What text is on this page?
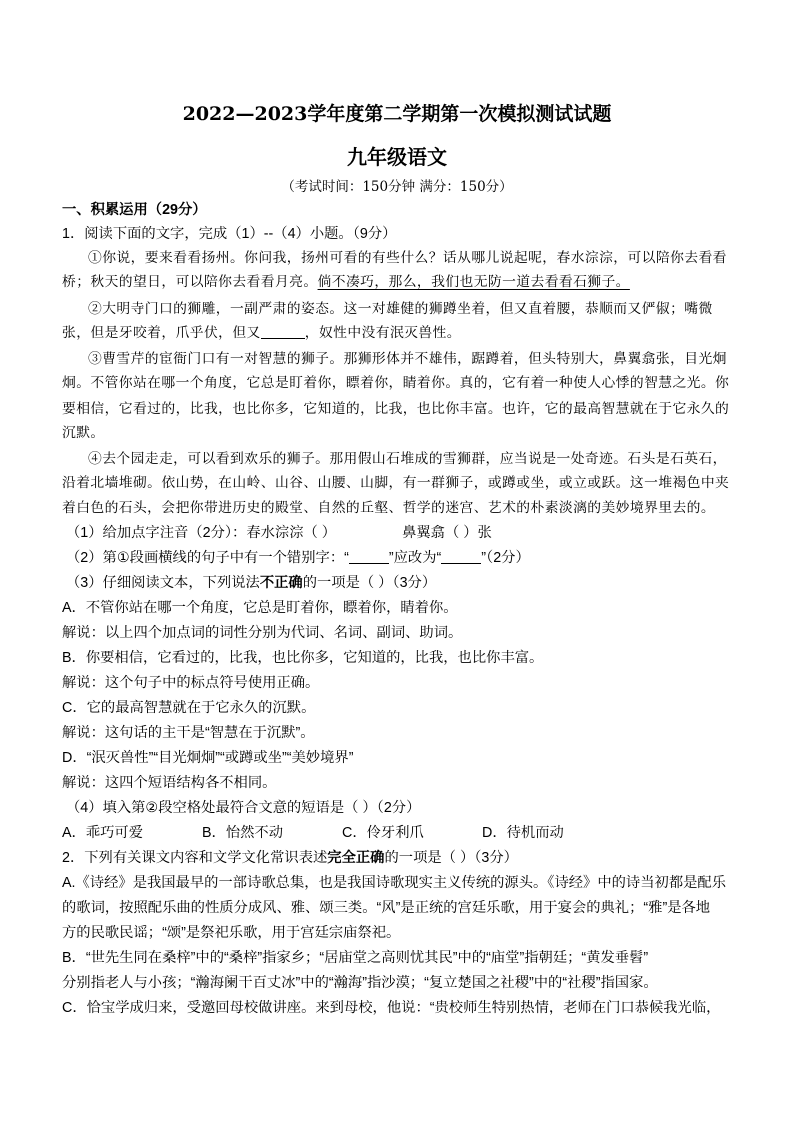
2022—2023学年度第二学期第一次模拟测试试题
九年级语文
（考试时间：150分钟 满分：150分）
一、积累运用（29分）
1．阅读下面的文字，完成（1）--（4）小题。（9分）
①你说，要来看看扬州。你问我，扬州可看的有些什么？话从哪儿说起呢，春水淙淙，可以陪你去看看
桥；秋天的望日，可以陪你去看看月亮。倘不凑巧，那么，我们也无防一道去看看石狮子。
②大明寺门口的狮雕，一副严肃的姿态。这一对雄健的狮蹲坐着，但又直着腰，恭顺而又俨俶；嘴微
张，但是牙咬着，爪乎伏，但又	，奴性中没有泯灭兽性。
③曹雪芹的宦衙门口有一对智慧的狮子。那狮形体并不雄伟，踞蹲着，但头特别大，鼻翼翕张，目光炯
炯。不管你站在哪一个角度，它总是盯着你，瞟着你，睛着你。真的，它有着一种使人心悸的智慧之光。你
要相信，它看过的，比我，也比你多，它知道的，比我，也比你丰富。也许，它的最高智慧就在于它永久的
沉默。
④去个园走走，可以看到欢乐的狮子。那用假山石堆成的雪狮群，应当说是一处奇迹。石头是石英石，
沿着北墙堆砌。依山势，在山岭、山谷、山腰、山脚，有一群狮子，或蹲或坐，或立或跃。这一堆褐色中夹
着白色的石头，会把你带进历史的殿堂、自然的丘壑、哲学的迷宫、艺术的朴素淡漓的美妙境界里去的。
（1）给加点字注音（2分）：春水淙淙（ ）	鼻翼翕（ ）张
（2）第①段画横线的句子中有一个错别字：“	”应改为“	”（2分）
（3）仔细阅读文本，下列说法不正确的一项是（ ）（3分）
A．不管你站在哪一个角度，它总是盯着你，瞟着你，睛着你。
解说：以上四个加点词的词性分别为代词、名词、副词、助词。
B．你要相信，它看过的，比我，也比你多，它知道的，比我，也比你丰富。
解说：这个句子中的标点符号使用正确。
C．它的最高智慧就在于它永久的沉默。
解说：这句话的主干是“智慧在于沉默”。
D．“泯灭兽性”“目光炯炯”“或蹲或坐”“美妙境界”
解说：这四个短语结构各不相同。
（4）填入第②段空格处最符合文意的短语是（ ）（2分）
A．乖巧可爱	B．怡然不动	C．伶牙利爪	D．待机而动
2．下列有关课文内容和文学文化常识表述完全正确的一项是（ ）（3分）
A.《诗经》是我国最早的一部诗歌总集，也是我国诗歌现实主义传统的源头。《诗经》中的诗当初都是配乐
的歌词，按照配乐曲的性质分成风、雅、颂三类。“风”是正统的宫廷乐歌，用于宴会的典礼；“雅”是各地
方的民歌民谣；“颂”是祭祀乐歌，用于宫廷宗庙祭祀。
B．“世先生同在桑梓”中的“桑梓”指家乡；“居庙堂之高则忧其民”中的“庙堂”指朝廷；“黄发垂髫”
分别指老人与小孩；“瀚海阑干百丈冰”中的“瀚海”指沙漠；“复立楚国之社稷”中的“社稷”指国家。
C．恰宝学成归来，受邀回母校做讲座。来到母校，他说：“贵校师生特别热情，老师在门口恭候我光临，
